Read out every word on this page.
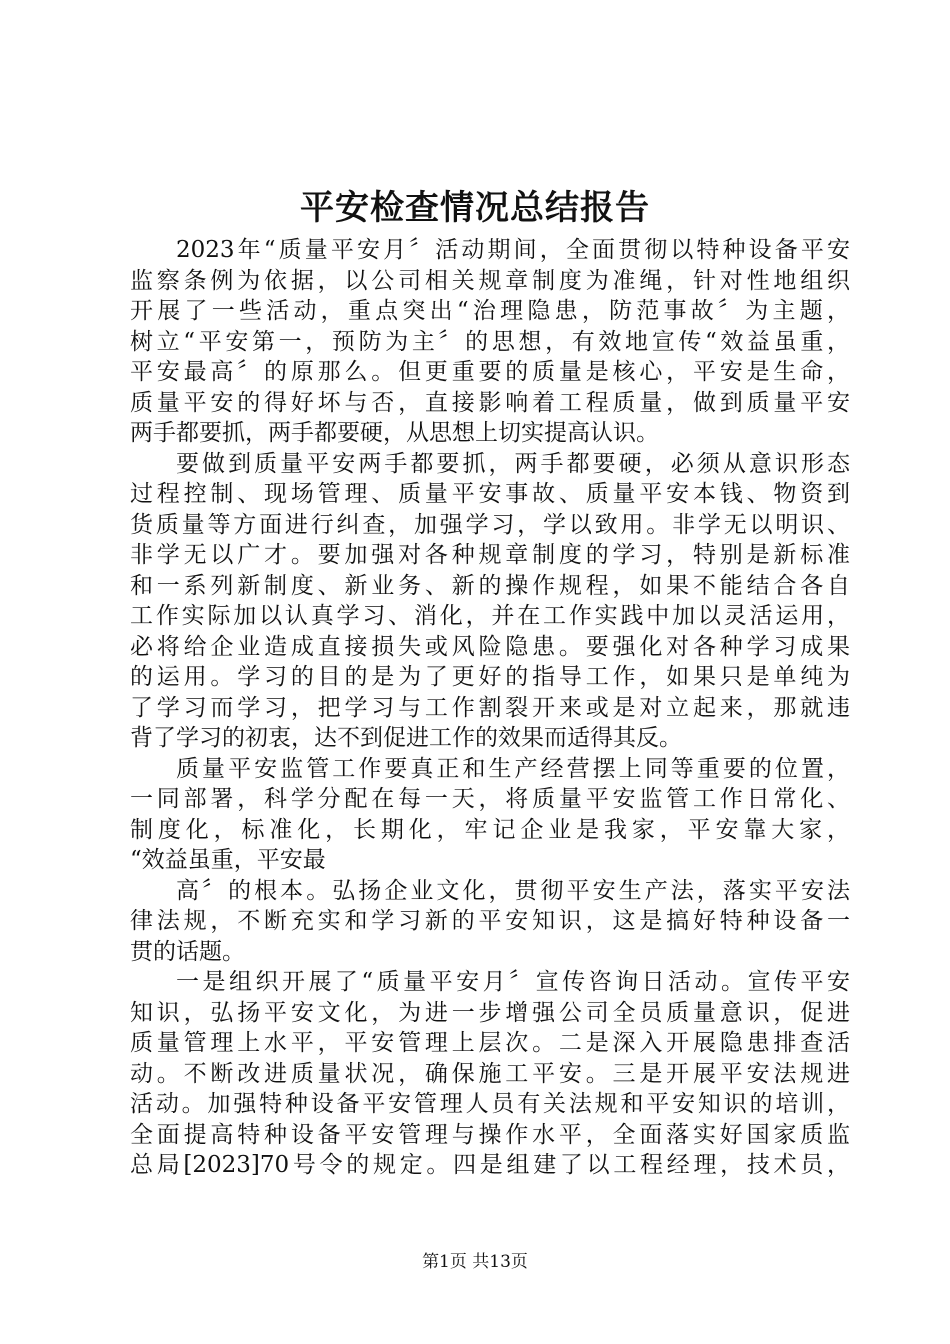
平安检查情况总结报告
2023年“质量平安月〞活动期间，全面贯彻以特种设备平安
监察条例为依据，以公司相关规章制度为准绳，针对性地组织
开展了一些活动，重点突出“治理隐患，防范事故〞为主题，
树立“平安第一，预防为主〞的思想，有效地宣传“效益虽重，
平安最高〞的原那么。但更重要的质量是核心，平安是生命，
质量平安的得好坏与否，直接影响着工程质量，做到质量平安
两手都要抓，两手都要硬，从思想上切实提高认识。
要做到质量平安两手都要抓，两手都要硬，必须从意识形态
过程控制、现场管理、质量平安事故、质量平安本钱、物资到
货质量等方面进行纠查，加强学习，学以致用。非学无以明识、
非学无以广才。要加强对各种规章制度的学习，特别是新标准
和一系列新制度、新业务、新的操作规程，如果不能结合各自
工作实际加以认真学习、消化，并在工作实践中加以灵活运用，
必将给企业造成直接损失或风险隐患。要强化对各种学习成果
的运用。学习的目的是为了更好的指导工作，如果只是单纯为
了学习而学习，把学习与工作割裂开来或是对立起来，那就违
背了学习的初衷，达不到促进工作的效果而适得其反。
质量平安监管工作要真正和生产经营摆上同等重要的位置，
一同部署，科学分配在每一天，将质量平安监管工作日常化、
制度化，标准化，长期化，牢记企业是我家，平安靠大家，
“效益虽重，平安最
高〞的根本。弘扬企业文化，贯彻平安生产法，落实平安法
律法规，不断充实和学习新的平安知识，这是搞好特种设备一
贯的话题。
一是组织开展了“质量平安月〞宣传咨询日活动。宣传平安
知识，弘扬平安文化，为进一步增强公司全员质量意识，促进
质量管理上水平，平安管理上层次。二是深入开展隐患排查活
动。不断改进质量状况，确保施工平安。三是开展平安法规进
活动。加强特种设备平安管理人员有关法规和平安知识的培训，
全面提高特种设备平安管理与操作水平，全面落实好国家质监
总局[2023]70号令的规定。四是组建了以工程经理，技术员，
第1页 共13页
